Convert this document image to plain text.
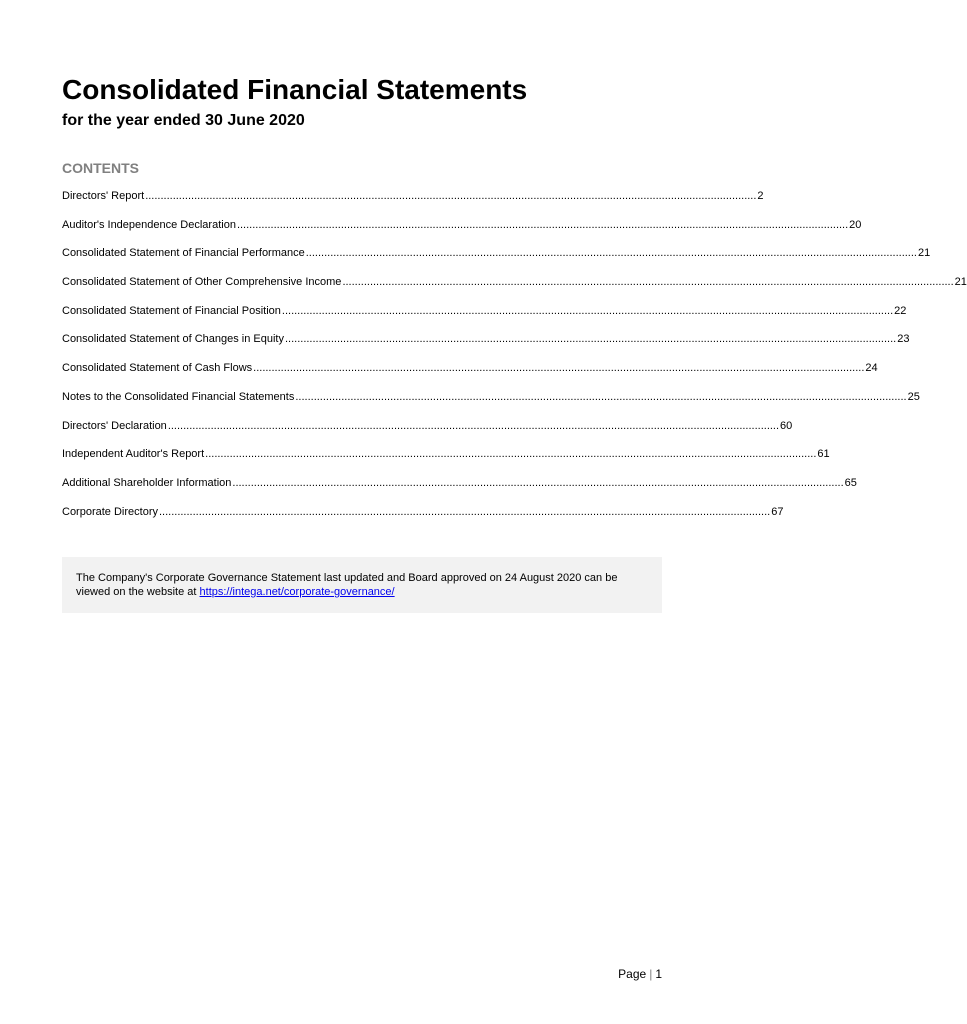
Consolidated Financial Statements
for the year ended 30 June 2020
CONTENTS
Directors' Report ........................................................................................................................................................................................................ 2
Auditor's Independence Declaration ........................................................................................................................................................................................................ 20
Consolidated Statement of Financial Performance ........................................................................................................................................................................................................ 21
Consolidated Statement of Other Comprehensive Income ........................................................................................................................................................................................................ 21
Consolidated Statement of Financial Position ........................................................................................................................................................................................................ 22
Consolidated Statement of Changes in Equity ........................................................................................................................................................................................................ 23
Consolidated Statement of Cash Flows ........................................................................................................................................................................................................ 24
Notes to the Consolidated Financial Statements ........................................................................................................................................................................................................ 25
Directors' Declaration ........................................................................................................................................................................................................ 60
Independent Auditor's Report ........................................................................................................................................................................................................ 61
Additional Shareholder Information ........................................................................................................................................................................................................ 65
Corporate Directory ........................................................................................................................................................................................................ 67
The Company's Corporate Governance Statement last updated and Board approved on 24 August 2020 can be viewed on the website at https://intega.net/corporate-governance/
Page | 1
